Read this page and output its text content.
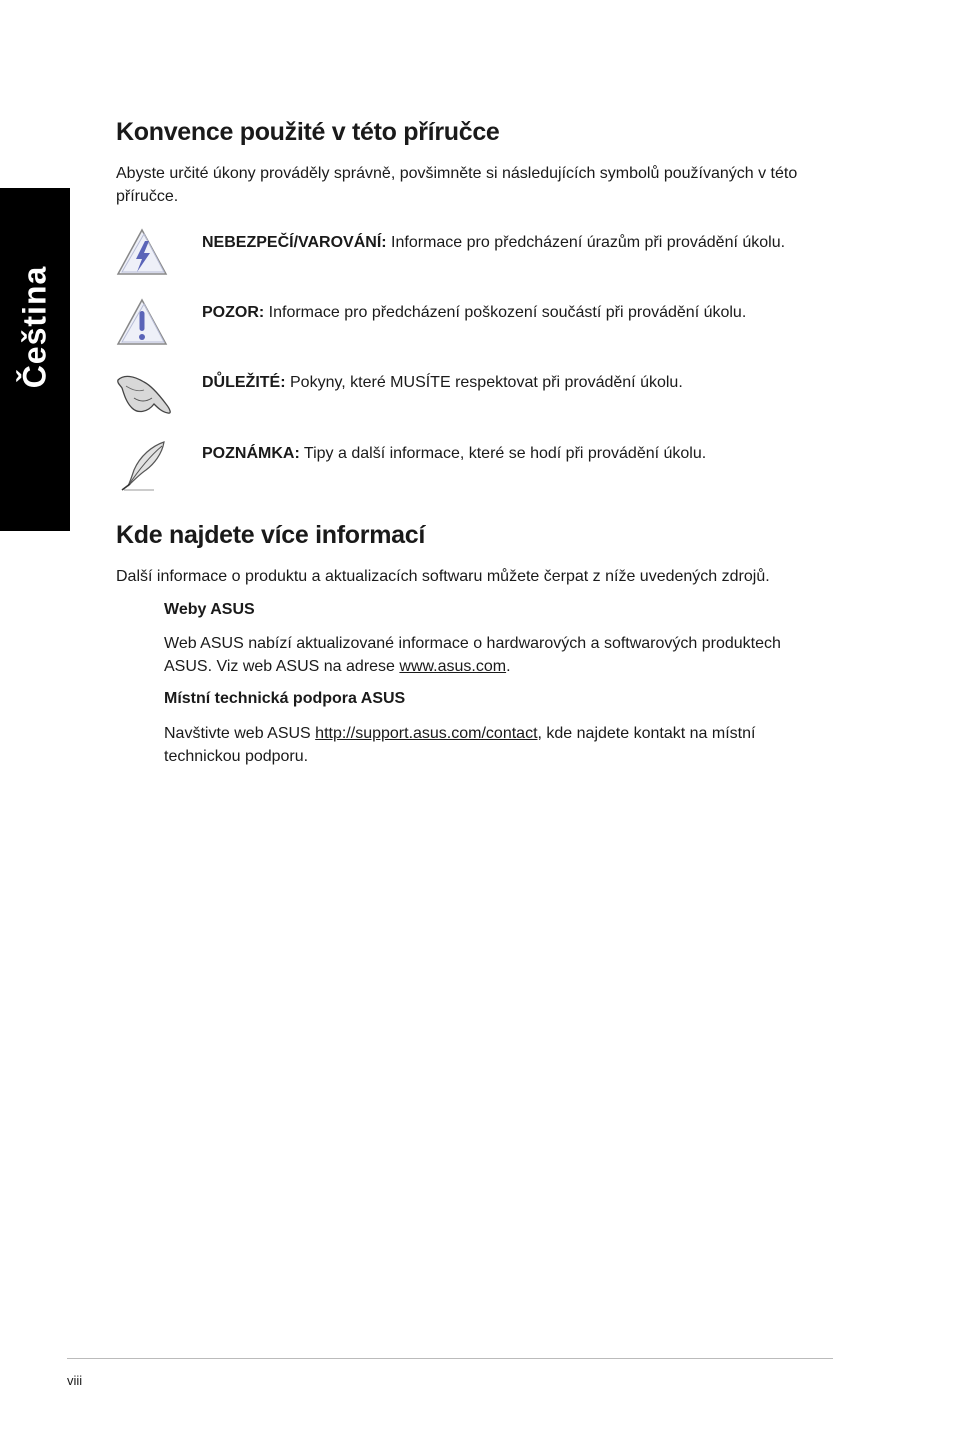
Čeština
Konvence použité v této příručce

Abyste určité úkony prováděly správně, povšimněte si následujících symbolů používaných v této příručce.

NEBEZPEČÍ/VAROVÁNÍ: Informace pro předcházení úrazům při provádění úkolu.
POZOR: Informace pro předcházení poškození součástí při provádění úkolu.
DŮLEŽITÉ: Pokyny, které MUSÍTE respektovat při provádění úkolu.
POZNÁMKA: Tipy a další informace, které se hodí při provádění úkolu.
Kde najdete více informací

Další informace o produktu a aktualizacích softwaru můžete čerpat z níže uvedených zdrojů.

Weby ASUS
Web ASUS nabízí aktualizované informace o hardwarových a softwarových produktech ASUS. Viz web ASUS na adrese www.asus.com.
Místní technická podpora ASUS
Navštivte web ASUS http://support.asus.com/contact, kde najdete kontakt na místní technickou podporu.
viii
